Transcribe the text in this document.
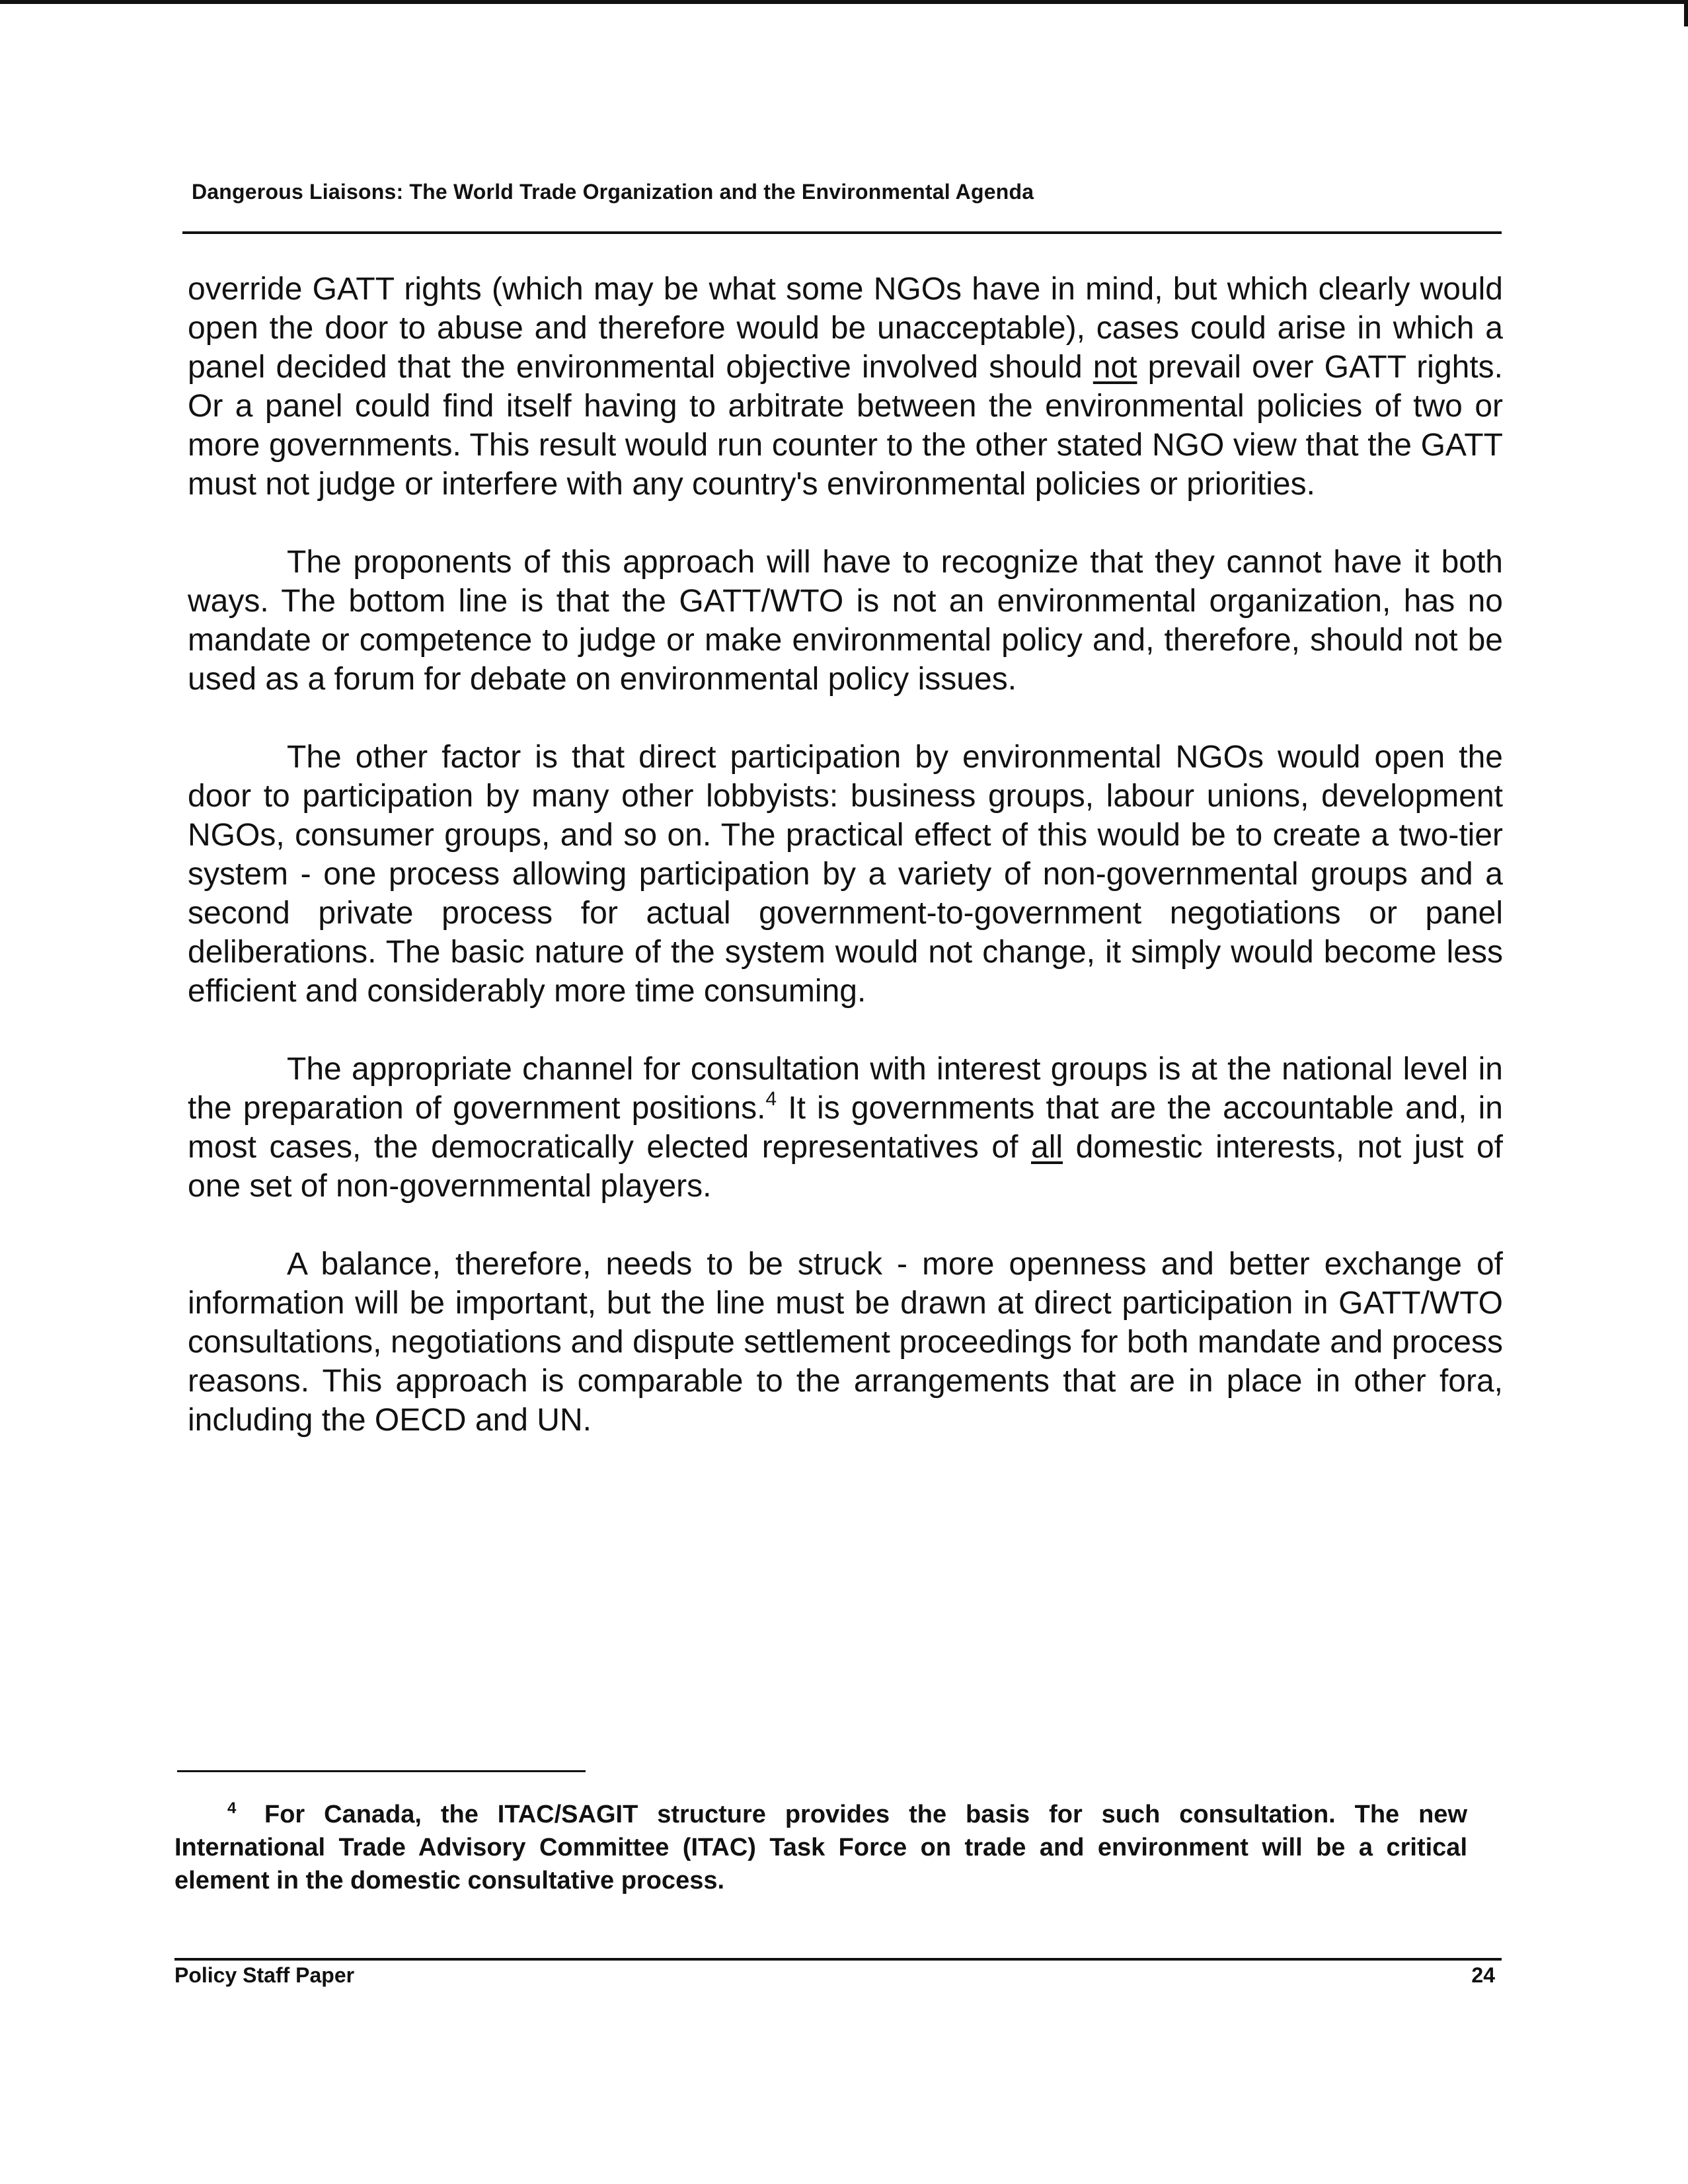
Dangerous Liaisons: The World Trade Organization and the Environmental Agenda

override GATT rights (which may be what some NGOs have in mind, but which clearly would open the door to abuse and therefore would be unacceptable), cases could arise in which a panel decided that the environmental objective involved should not prevail over GATT rights. Or a panel could find itself having to arbitrate between the environmental policies of two or more governments. This result would run counter to the other stated NGO view that the GATT must not judge or interfere with any country's environmental policies or priorities.

The proponents of this approach will have to recognize that they cannot have it both ways. The bottom line is that the GATT/WTO is not an environmental organization, has no mandate or competence to judge or make environmental policy and, therefore, should not be used as a forum for debate on environmental policy issues.

The other factor is that direct participation by environmental NGOs would open the door to participation by many other lobbyists: business groups, labour unions, development NGOs, consumer groups, and so on. The practical effect of this would be to create a two-tier system - one process allowing participation by a variety of non-governmental groups and a second private process for actual government-to-government negotiations or panel deliberations. The basic nature of the system would not change, it simply would become less efficient and considerably more time consuming.

The appropriate channel for consultation with interest groups is at the national level in the preparation of government positions.$^4$ It is governments that are the accountable and, in most cases, the democratically elected representatives of all domestic interests, not just of one set of non-governmental players.

A balance, therefore, needs to be struck - more openness and better exchange of information will be important, but the line must be drawn at direct participation in GATT/WTO consultations, negotiations and dispute settlement proceedings for both mandate and process reasons. This approach is comparable to the arrangements that are in place in other fora, including the OECD and UN.

4 For Canada, the ITAC/SAGIT structure provides the basis for such consultation. The new International Trade Advisory Committee (ITAC) Task Force on trade and environment will be a critical element in the domestic consultative process.
Policy Staff Paper	24
